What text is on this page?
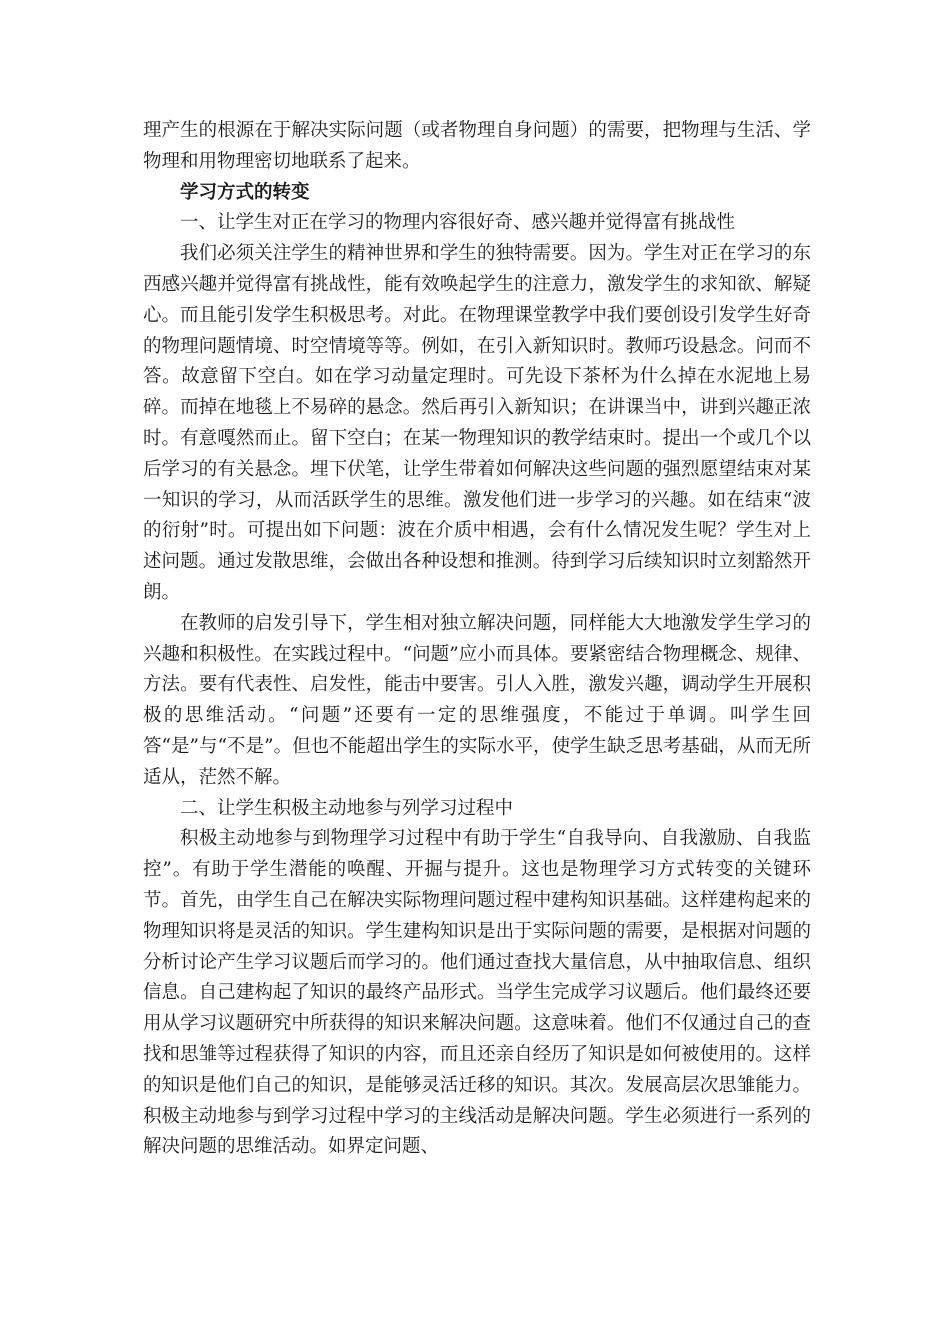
理产生的根源在于解决实际问题（或者物理自身问题）的需要，把物理与生活、学物理和用物理密切地联系了起来。

学习方式的转变

一、让学生对正在学习的物理内容很好奇、感兴趣并觉得富有挑战性

我们必须关注学生的精神世界和学生的独特需要。因为。学生对正在学习的东西感兴趣并觉得富有挑战性，能有效唤起学生的注意力，激发学生的求知欲、解疑心。而且能引发学生积极思考。对此。在物理课堂教学中我们要创设引发学生好奇的物理问题情境、时空情境等等。例如，在引入新知识时。教师巧设悬念。问而不答。故意留下空白。如在学习动量定理时。可先设下茶杯为什么掉在水泥地上易碎。而掉在地毯上不易碎的悬念。然后再引入新知识；在讲课当中，讲到兴趣正浓时。有意嘎然而止。留下空白；在某一物理知识的教学结束时。提出一个或几个以后学习的有关悬念。埋下伏笔，让学生带着如何解决这些问题的强烈愿望结束对某一知识的学习，从而活跃学生的思维。激发他们进一步学习的兴趣。如在结束“波的衍射”时。可提出如下问题：波在介质中相遇，会有什么情况发生呢？学生对上述问题。通过发散思维，会做出各种设想和推测。待到学习后续知识时立刻豁然开朗。

在教师的启发引导下，学生相对独立解决问题，同样能大大地激发学生学习的兴趣和积极性。在实践过程中。“问题”应小而具体。要紧密结合物理概念、规律、方法。要有代表性、启发性，能击中要害。引人入胜，激发兴趣，调动学生开展积极的思维活动。“问题”还要有一定的思维强度，不能过于单调。叫学生回答“是”与“不是”。但也不能超出学生的实际水平，使学生缺乏思考基础，从而无所适从，茫然不解。

二、让学生积极主动地参与列学习过程中

积极主动地参与到物理学习过程中有助于学生“自我导向、自我激励、自我监控”。有助于学生潜能的唤醒、开掘与提升。这也是物理学习方式转变的关键环节。首先，由学生自己在解决实际物理问题过程中建构知识基础。这样建构起来的物理知识将是灵活的知识。学生建构知识是出于实际问题的需要，是根据对问题的分析讨论产生学习议题后而学习的。他们通过查找大量信息，从中抽取信息、组织信息。自己建构起了知识的最终产品形式。当学生完成学习议题后。他们最终还要用从学习议题研究中所获得的知识来解决问题。这意味着。他们不仅通过自己的查找和思雏等过程获得了知识的内容，而且还亲自经历了知识是如何被使用的。这样的知识是他们自己的知识，是能够灵活迁移的知识。其次。发展高层次思雏能力。积极主动地参与到学习过程中学习的主线活动是解决问题。学生必须进行一系列的解决问题的思维活动。如界定问题、
